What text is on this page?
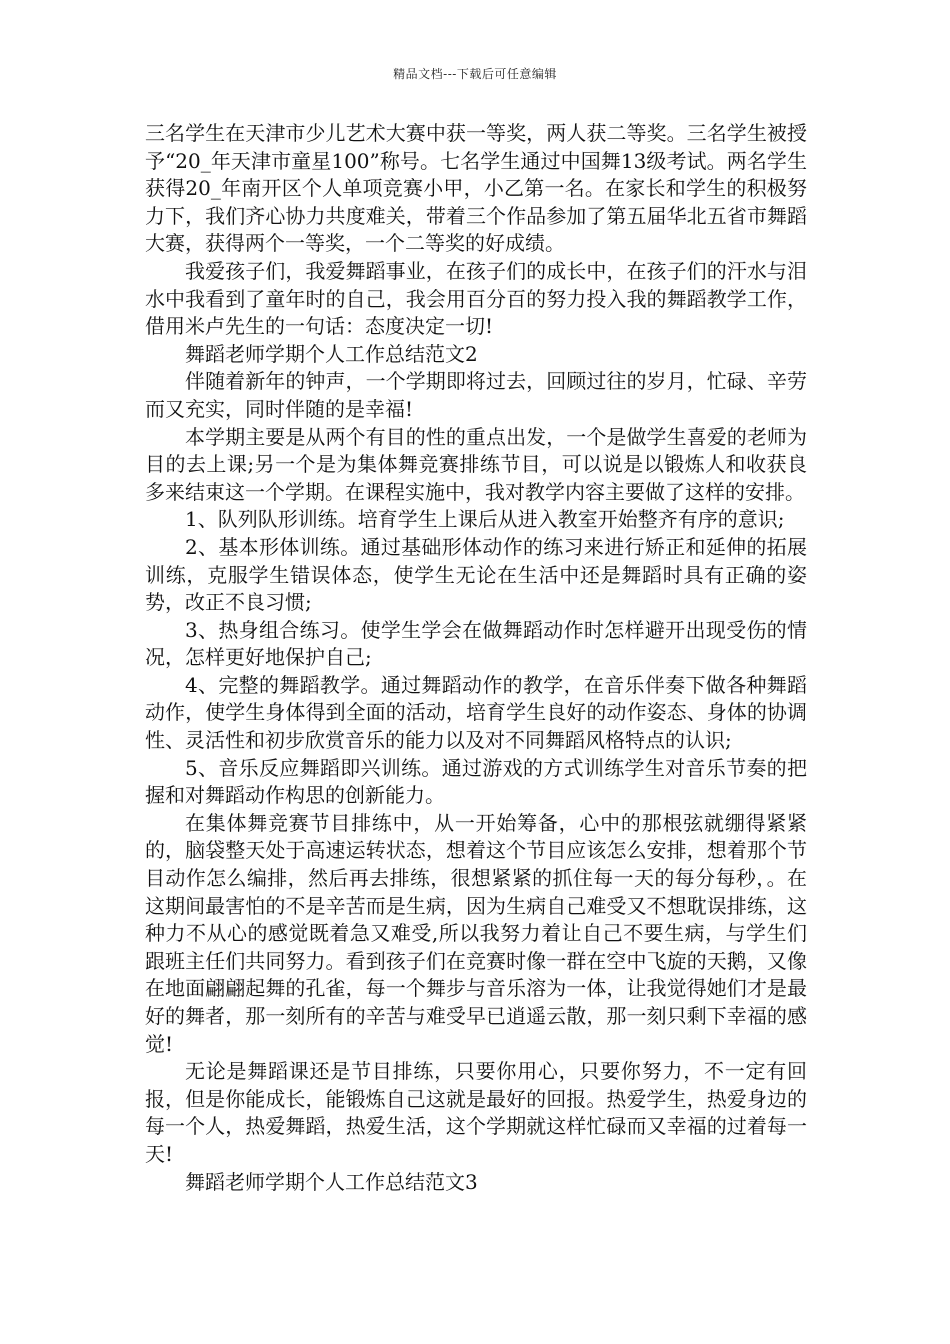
精品文档---下载后可任意编辑

三名学生在天津市少儿艺术大赛中获一等奖，两人获二等奖。三名学生被授予“20_年天津市童星100”称号。七名学生通过中国舞13级考试。两名学生获得20_年南开区个人单项竞赛小甲，小乙第一名。在家长和学生的积极努力下，我们齐心协力共度难关，带着三个作品参加了第五届华北五省市舞蹈大赛，获得两个一等奖，一个二等奖的好成绩。

我爱孩子们，我爱舞蹈事业，在孩子们的成长中，在孩子们的汗水与泪水中我看到了童年时的自己，我会用百分百的努力投入我的舞蹈教学工作，借用米卢先生的一句话：态度决定一切!

舞蹈老师学期个人工作总结范文2

伴随着新年的钟声，一个学期即将过去，回顾过往的岁月，忙碌、辛劳而又充实，同时伴随的是幸福!

本学期主要是从两个有目的性的重点出发，一个是做学生喜爱的老师为目的去上课;另一个是为集体舞竞赛排练节目，可以说是以锻炼人和收获良多来结束这一个学期。在课程实施中，我对教学内容主要做了这样的安排。

1、队列队形训练。培育学生上课后从进入教室开始整齐有序的意识;

2、基本形体训练。通过基础形体动作的练习来进行矫正和延伸的拓展训练，克服学生错误体态，使学生无论在生活中还是舞蹈时具有正确的姿势，改正不良习惯;

3、热身组合练习。使学生学会在做舞蹈动作时怎样避开出现受伤的情况，怎样更好地保护自己;

4、完整的舞蹈教学。通过舞蹈动作的教学，在音乐伴奏下做各种舞蹈动作，使学生身体得到全面的活动，培育学生良好的动作姿态、身体的协调性、灵活性和初步欣赏音乐的能力以及对不同舞蹈风格特点的认识;

5、音乐反应舞蹈即兴训练。通过游戏的方式训练学生对音乐节奏的把握和对舞蹈动作构思的创新能力。

在集体舞竞赛节目排练中，从一开始筹备，心中的那根弦就绷得紧紧的，脑袋整天处于高速运转状态，想着这个节目应该怎么安排，想着那个节目动作怎么编排，然后再去排练，很想紧紧的抓住每一天的每分每秒，。在这期间最害怕的不是辛苦而是生病，因为生病自己难受又不想耽误排练，这种力不从心的感觉既着急又难受,所以我努力着让自己不要生病，与学生们跟班主任们共同努力。看到孩子们在竞赛时像一群在空中飞旋的天鹅，又像在地面翩翩起舞的孔雀，每一个舞步与音乐溶为一体，让我觉得她们才是最好的舞者，那一刻所有的辛苦与难受早已逍遥云散，那一刻只剩下幸福的感觉!

无论是舞蹈课还是节目排练，只要你用心，只要你努力，不一定有回报，但是你能成长，能锻炼自己这就是最好的回报。热爱学生，热爱身边的每一个人，热爱舞蹈，热爱生活，这个学期就这样忙碌而又幸福的过着每一天!

舞蹈老师学期个人工作总结范文3
